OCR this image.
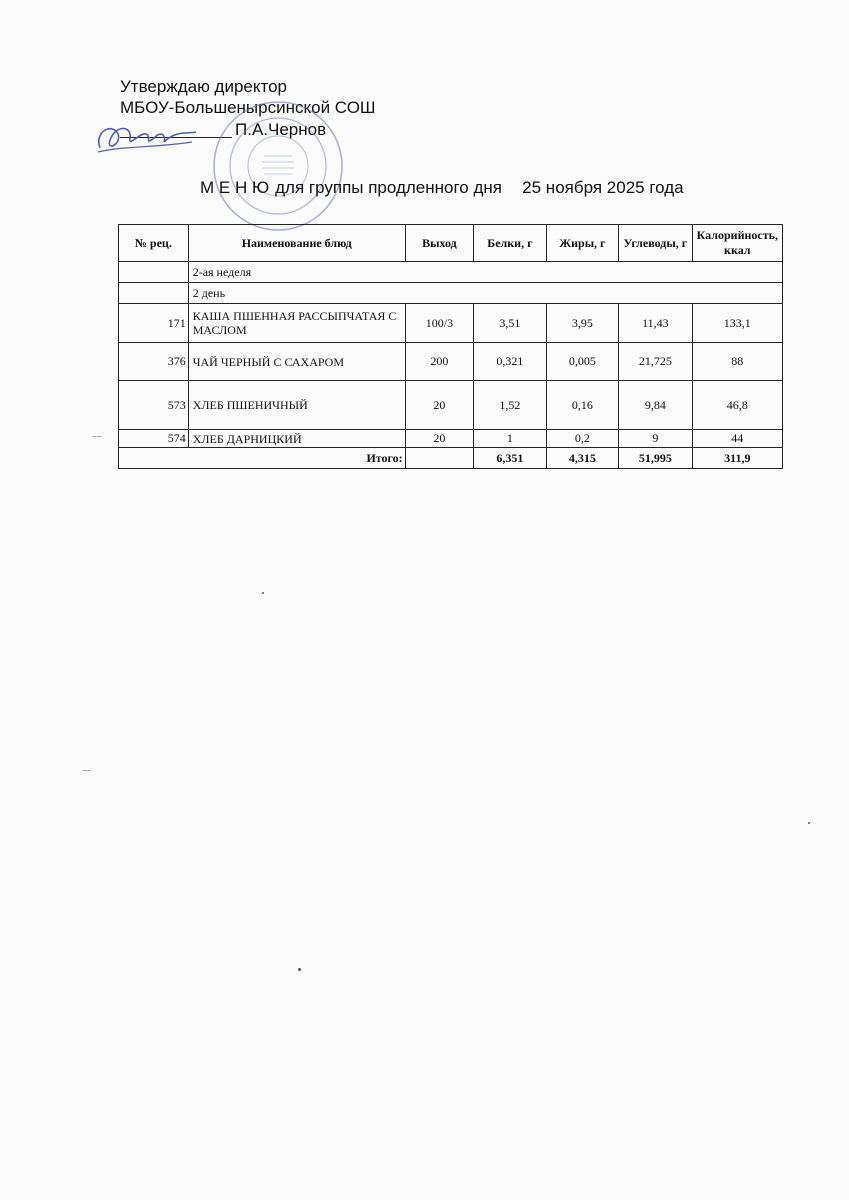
Утверждаю директор
МБОУ-Большенырсинской СОШ
П.А.Чернов
М Е Н Ю для группы продленного дня 25 ноября 2025 года
№ рец.	Наименование блюд	Выход	Белки, г	Жиры, г	Углеводы, г	Калорийность, ккал
	2-ая неделя					
	2 день					
171	КАША ПШЕННАЯ РАССЫПЧАТАЯ С МАСЛОМ	100/3	3,51	3,95	11,43	133,1
376	ЧАЙ ЧЕРНЫЙ С САХАРОМ	200	0,321	0,005	21,725	88
573	ХЛЕБ ПШЕНИЧНЫЙ	20	1,52	0,16	9,84	46,8
574	ХЛЕБ ДАРНИЦКИЙ	20	1	0,2	9	44
Итого:			6,351	4,315	51,995	311,9
